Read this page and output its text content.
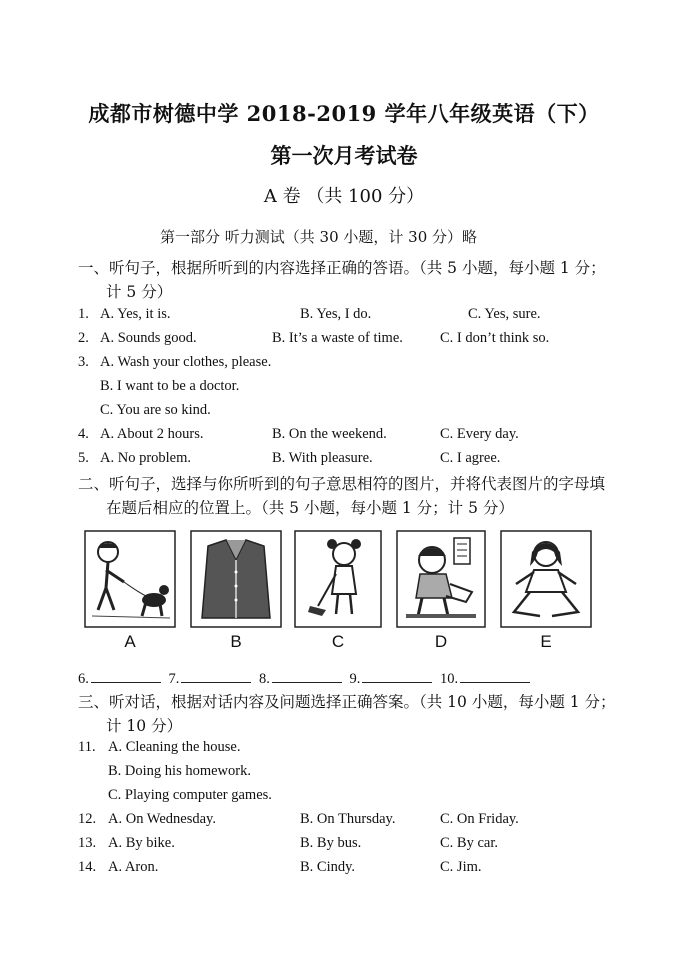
成都市树德中学 2018-2019 学年八年级英语（下）
第一次月考试卷
A 卷 （共 100 分）
第一部分 听力测试（共 30 小题，计 30 分）略
一、听句子，根据所听到的内容选择正确的答语。（共 5 小题，每小题 1 分；
计 5 分）
1. A. Yes, it is.	B. Yes, I do.	C. Yes, sure.
2. A. Sounds good.	B. It’s a waste of time.	C. I don’t think so.
3. A. Wash your clothes, please.
B. I want to be a doctor.
C. You are so kind.
4. A. About 2 hours.	B. On the weekend.	C. Every day.
5. A. No problem.	B. With pleasure.	C. I agree.
二、听句子，选择与你所听到的句子意思相符的图片，并将代表图片的字母填
在题后相应的位置上。（共 5 小题，每小题 1 分；计 5 分）
A	B	C	D	E
6.	7.	8.	9.	10.
三、听对话，根据对话内容及问题选择正确答案。（共 10 小题，每小题 1 分；
计 10 分）
11. A. Cleaning the house.
B. Doing his homework.
C. Playing computer games.
12. A. On Wednesday.	B. On Thursday.	C. On Friday.
13. A. By bike.	B. By bus.	C. By car.
14. A. Aron.	B. Cindy.	C. Jim.
